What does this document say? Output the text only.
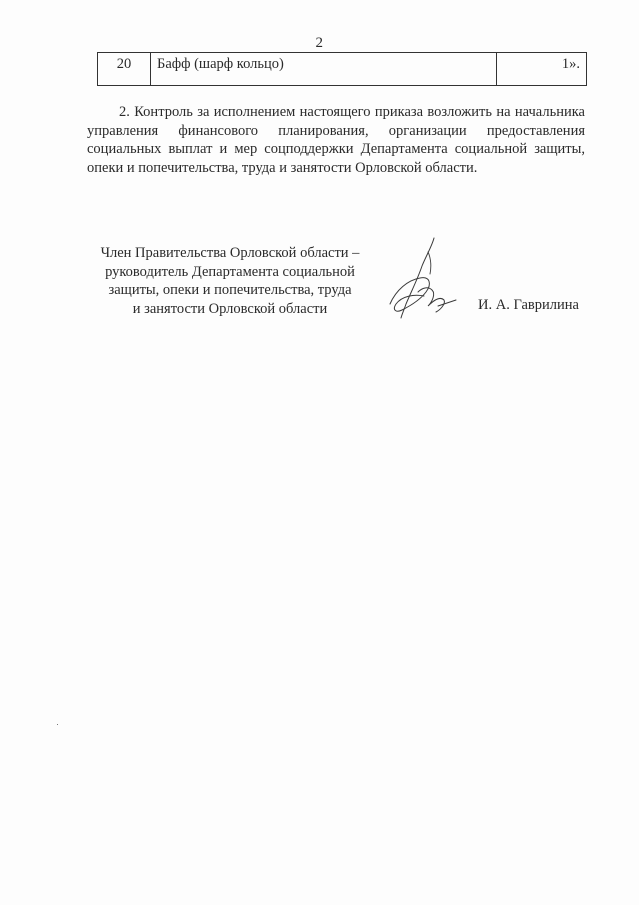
2
20	Бафф (шарф кольцо)	1».

2. Контроль за исполнением настоящего приказа возложить на начальника управления финансового планирования, организации предоставления социальных выплат и мер соцподдержки Департамента социальной защиты, опеки и попечительства, труда и занятости Орловской области.

Член Правительства Орловской области –
руководитель Департамента социальной
защиты, опеки и попечительства, труда
и занятости Орловской области	И. А. Гаврилина
